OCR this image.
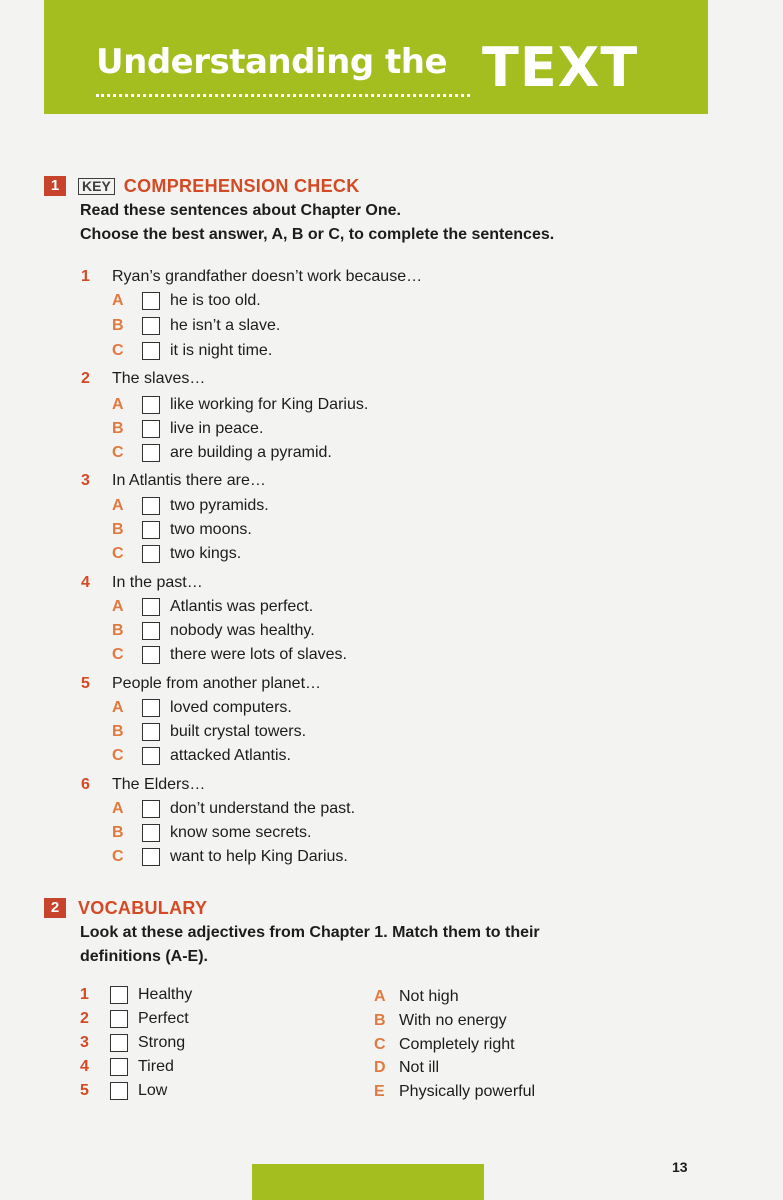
Understanding the TEXT
1	KEY COMPREHENSION CHECK
Read these sentences about Chapter One.
Choose the best answer, A, B or C, to complete the sentences.
1 Ryan’s grandfather doesn’t work because…
A	he is too old.
B	he isn’t a slave.
C	it is night time.
2 The slaves…
A	like working for King Darius.
B	live in peace.
C	are building a pyramid.
3 In Atlantis there are…
A	two pyramids.
B	two moons.
C	two kings.
4 In the past…
A	Atlantis was perfect.
B	nobody was healthy.
C	there were lots of slaves.
5 People from another planet…
A	loved computers.
B	built crystal towers.
C	attacked Atlantis.
6 The Elders…
A	don’t understand the past.
B	know some secrets.
C	want to help King Darius.
2	VOCABULARY
Look at these adjectives from Chapter 1. Match them to their
definitions (A-E).
1	Healthy
2	Perfect
3	Strong
4	Tired
5	Low
A Not high
B With no energy
C Completely right
D Not ill
E Physically powerful
13
